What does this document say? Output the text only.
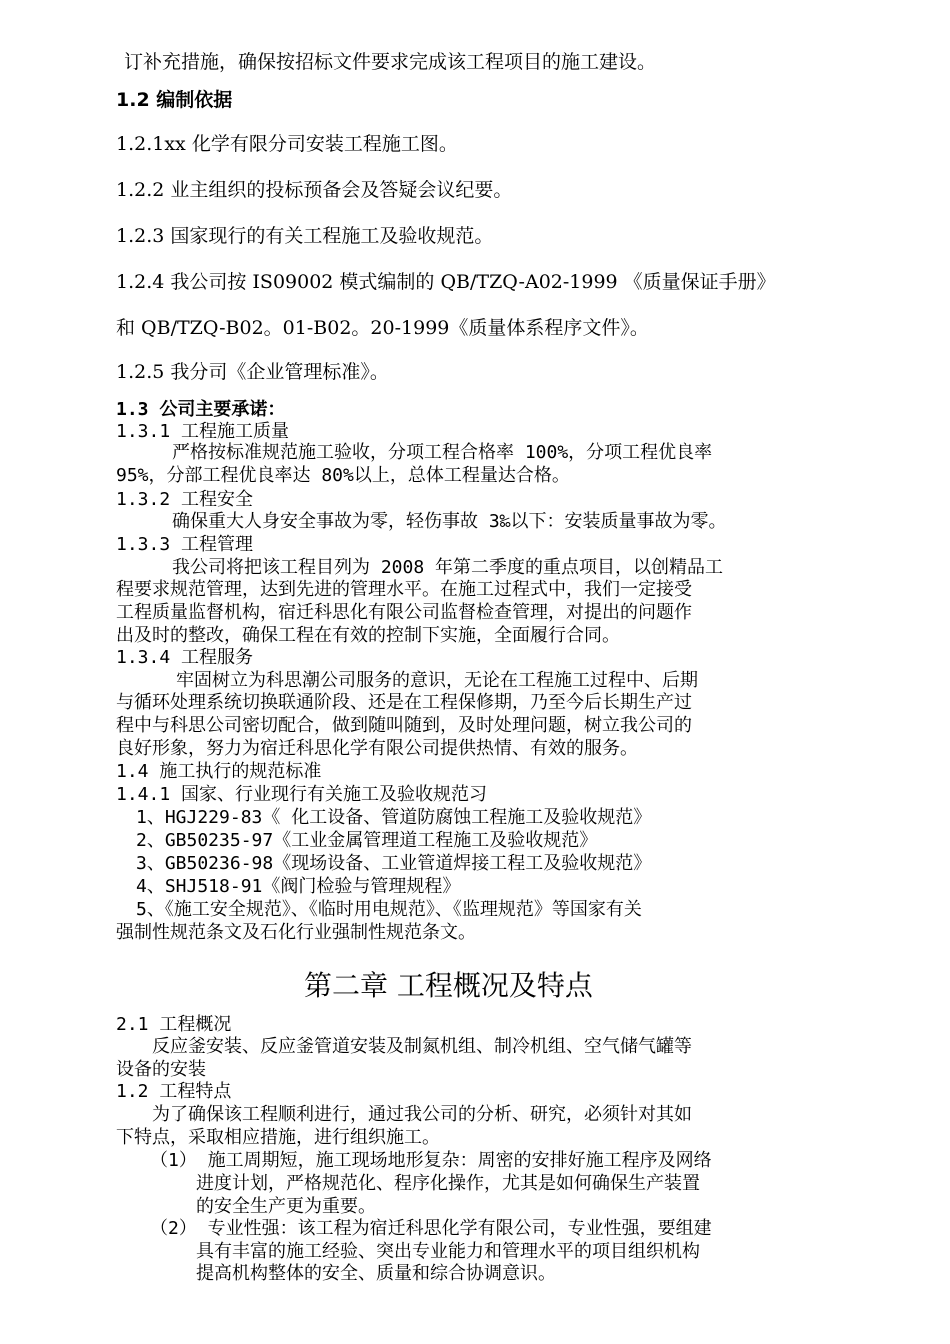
订补充措施，确保按招标文件要求完成该工程项目的施工建设。
1.2 编制依据
1.2.1xx 化学有限分司安装工程施工图。
1.2.2 业主组织的投标预备会及答疑会议纪要。
1.2.3 国家现行的有关工程施工及验收规范。
1.2.4 我公司按 IS09002 模式编制的 QB/TZQ-A02-1999 《质量保证手册》
和 QB/TZQ-B02。01-B02。20-1999《质量体系程序文件》。
1.2.5 我分司《企业管理标准》。
1.3 公司主要承诺：
1.3.1 工程施工质量
严格按标准规范施工验收，分项工程合格率 100%，分项工程优良率
95%，分部工程优良率达 80%以上，总体工程量达合格。
1.3.2 工程安全
确保重大人身安全事故为零，轻伤事故 3‰以下：安装质量事故为零。
1.3.3 工程管理
我公司将把该工程目列为 2008 年第二季度的重点项目，以创精品工
程要求规范管理，达到先进的管理水平。在施工过程式中，我们一定接受
工程质量监督机构，宿迁科思化有限公司监督检查管理，对提出的问题作
出及时的整改，确保工程在有效的控制下实施，全面履行合同。
1.3.4 工程服务
牢固树立为科思潮公司服务的意识，无论在工程施工过程中、后期
与循环处理系统切换联通阶段、还是在工程保修期，乃至今后长期生产过
程中与科思公司密切配合，做到随叫随到，及时处理问题，树立我公司的
良好形象，努力为宿迁科思化学有限公司提供热情、有效的服务。
1.4 施工执行的规范标准
1.4.1 国家、行业现行有关施工及验收规范习
1、HGJ229-83《 化工设备、管道防腐蚀工程施工及验收规范》
2、GB50235-97《工业金属管理道工程施工及验收规范》
3、GB50236-98《现场设备、工业管道焊接工程工及验收规范》
4、SHJ518-91《阀门检验与管理规程》
5、《施工安全规范》、《临时用电规范》、《监理规范》等国家有关
强制性规范条文及石化行业强制性规范条文。
第二章 工程概况及特点
2.1 工程概况
反应釜安装、反应釜管道安装及制氮机组、制冷机组、空气储气罐等
设备的安装
1.2 工程特点
为了确保该工程顺利进行，通过我公司的分析、研究，必须针对其如
下特点，采取相应措施，进行组织施工。
（1） 施工周期短，施工现场地形复杂：周密的安排好施工程序及网络
进度计划，严格规范化、程序化操作，尤其是如何确保生产装置
的安全生产更为重要。
（2） 专业性强：该工程为宿迁科思化学有限公司，专业性强，要组建
具有丰富的施工经验、突出专业能力和管理水平的项目组织机构
提高机构整体的安全、质量和综合协调意识。
